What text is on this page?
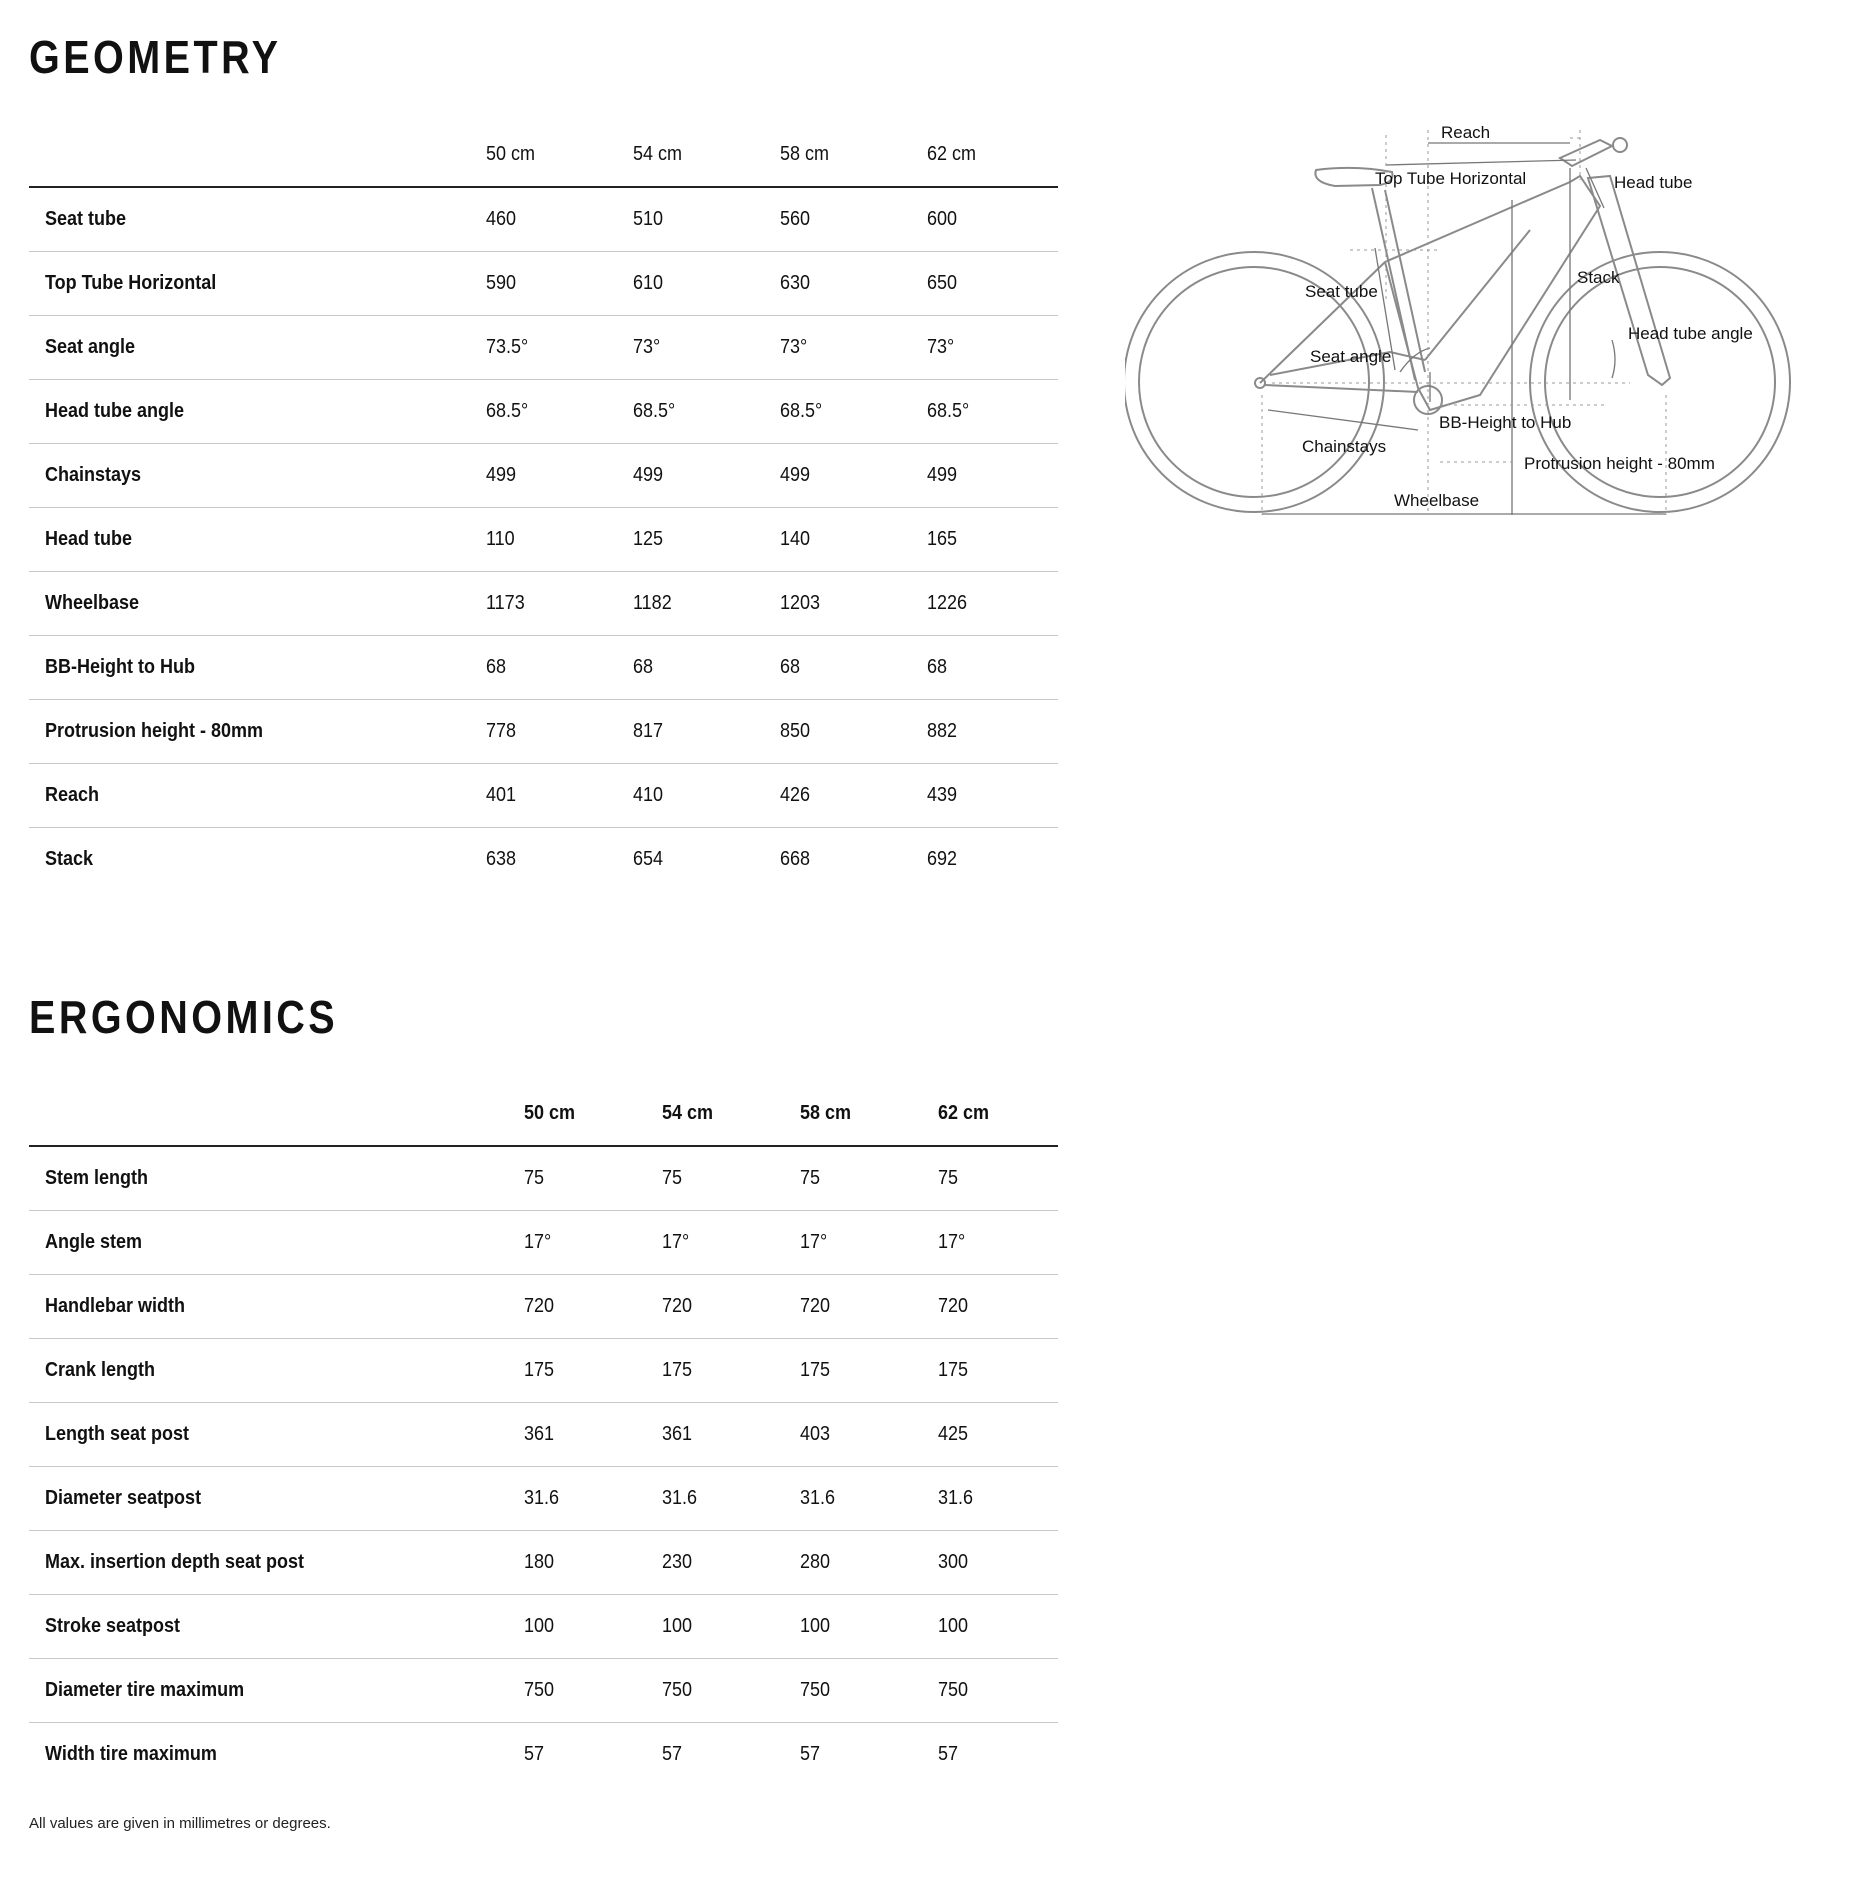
GEOMETRY
	50 cm	54 cm	58 cm	62 cm
Seat tube	460	510	560	600
Top Tube Horizontal	590	610	630	650
Seat angle	73.5°	73°	73°	73°
Head tube angle	68.5°	68.5°	68.5°	68.5°
Chainstays	499	499	499	499
Head tube	110	125	140	165
Wheelbase	1173	1182	1203	1226
BB-Height to Hub	68	68	68	68
Protrusion height - 80mm	778	817	850	882
Reach	401	410	426	439
Stack	638	654	668	692
Reach
Top Tube Horizontal	Head tube
Stack
Seat tube
Head tube angle
Seat angle
BB-Height to Hub
Chainstays
Protrusion height - 80mm
Wheelbase
ERGONOMICS
	50 cm	54 cm	58 cm	62 cm
Stem length	75	75	75	75
Angle stem	17°	17°	17°	17°
Handlebar width	720	720	720	720
Crank length	175	175	175	175
Length seat post	361	361	403	425
Diameter seatpost	31.6	31.6	31.6	31.6
Max. insertion depth seat post	180	230	280	300
Stroke seatpost	100	100	100	100
Diameter tire maximum	750	750	750	750
Width tire maximum	57	57	57	57

All values are given in millimetres or degrees.
